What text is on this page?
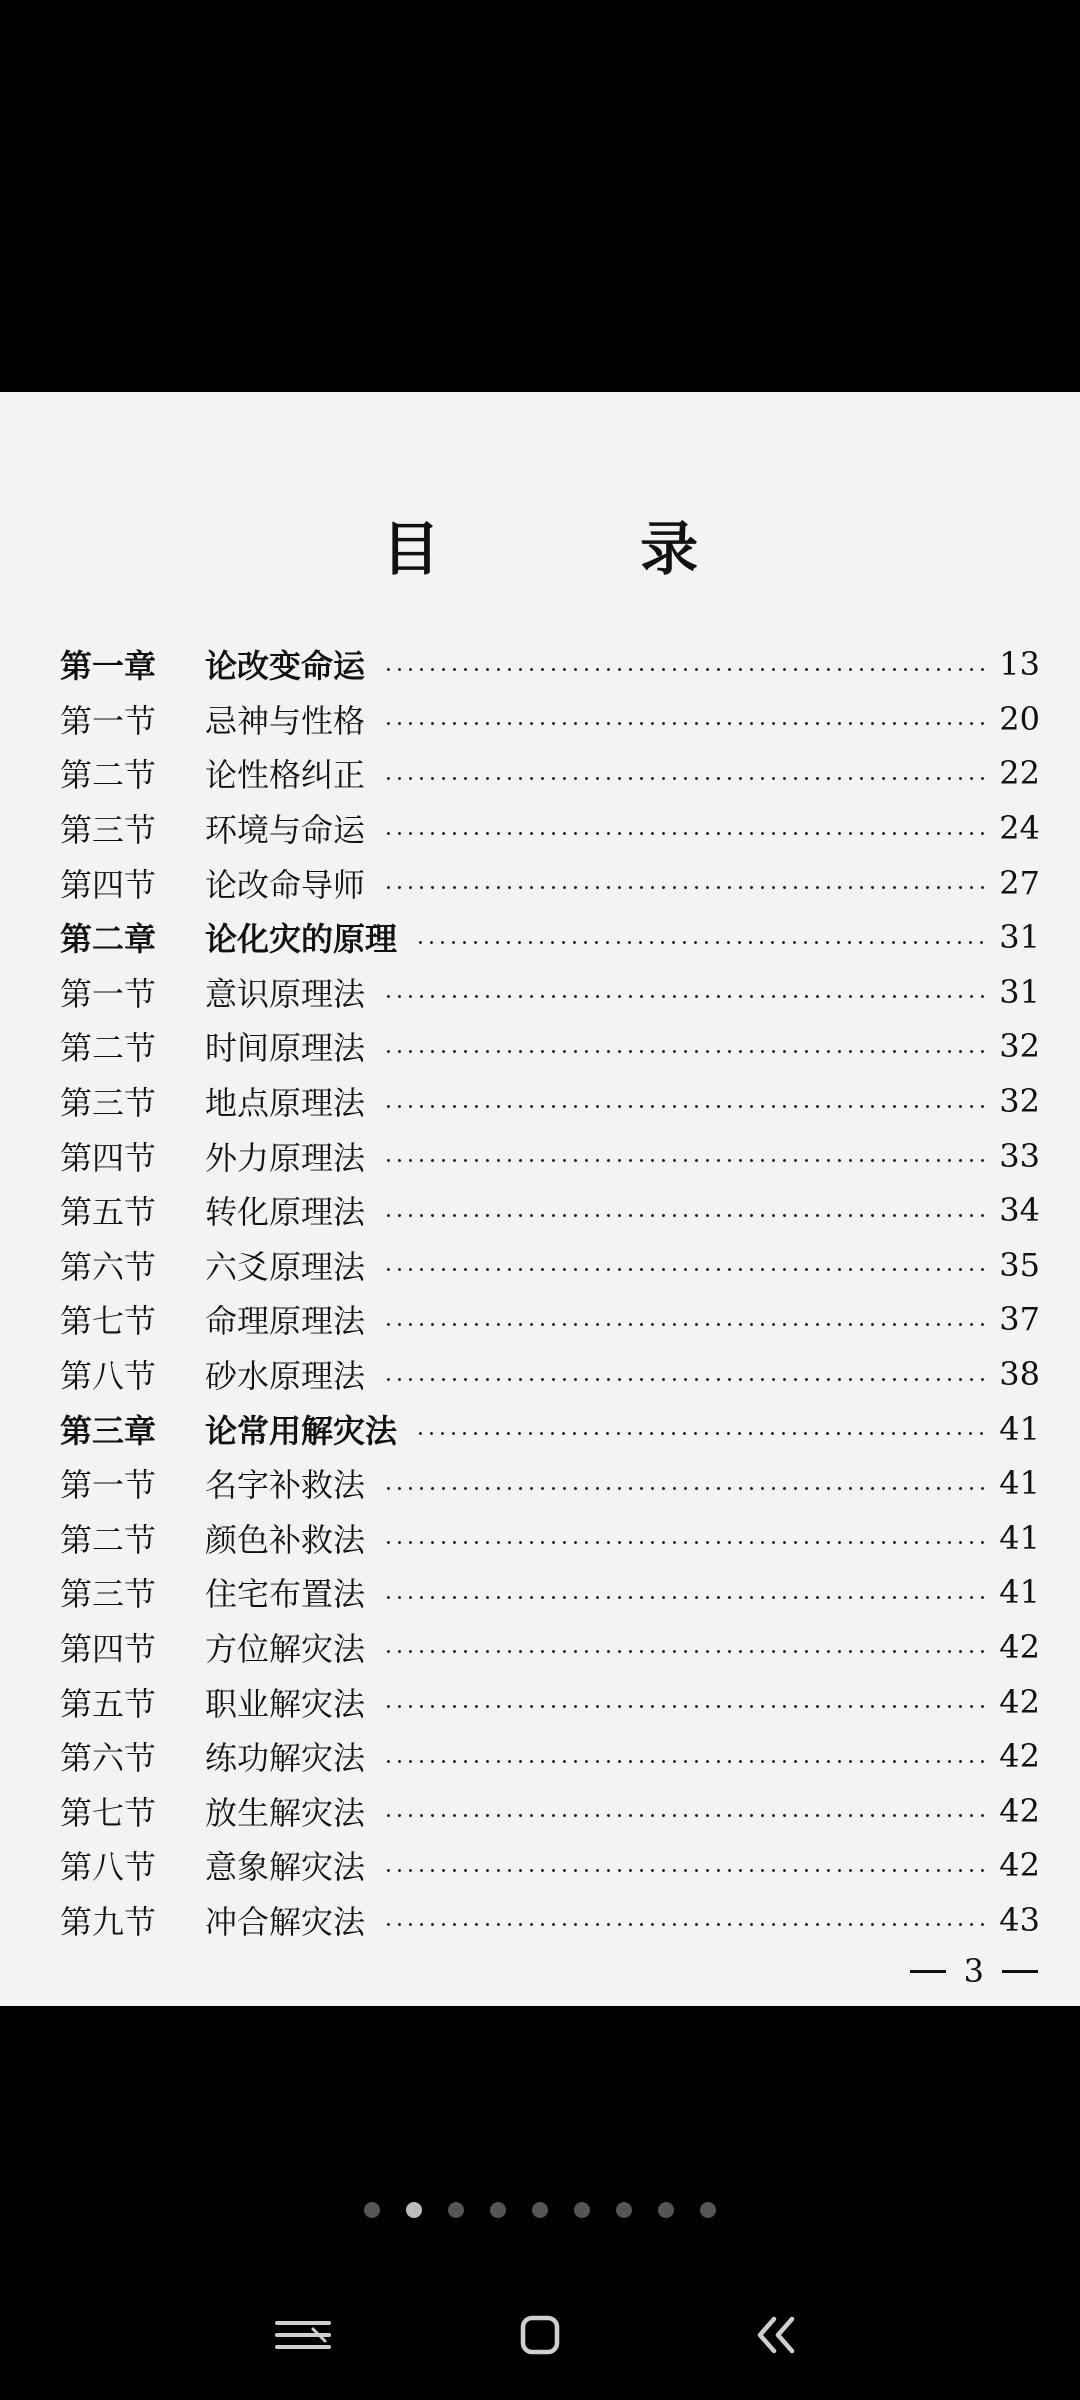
目 录
第一章	论改变命运	13
第一节	忌神与性格	20
第二节	论性格纠正	22
第三节	环境与命运	24
第四节	论改命导师	27
第二章	论化灾的原理	31
第一节	意识原理法	31
第二节	时间原理法	32
第三节	地点原理法	32
第四节	外力原理法	33
第五节	转化原理法	34
第六节	六爻原理法	35
第七节	命理原理法	37
第八节	砂水原理法	38
第三章	论常用解灾法	41
第一节	名字补救法	41
第二节	颜色补救法	41
第三节	住宅布置法	41
第四节	方位解灾法	42
第五节	职业解灾法	42
第六节	练功解灾法	42
第七节	放生解灾法	42
第八节	意象解灾法	42
第九节	冲合解灾法	43
3
